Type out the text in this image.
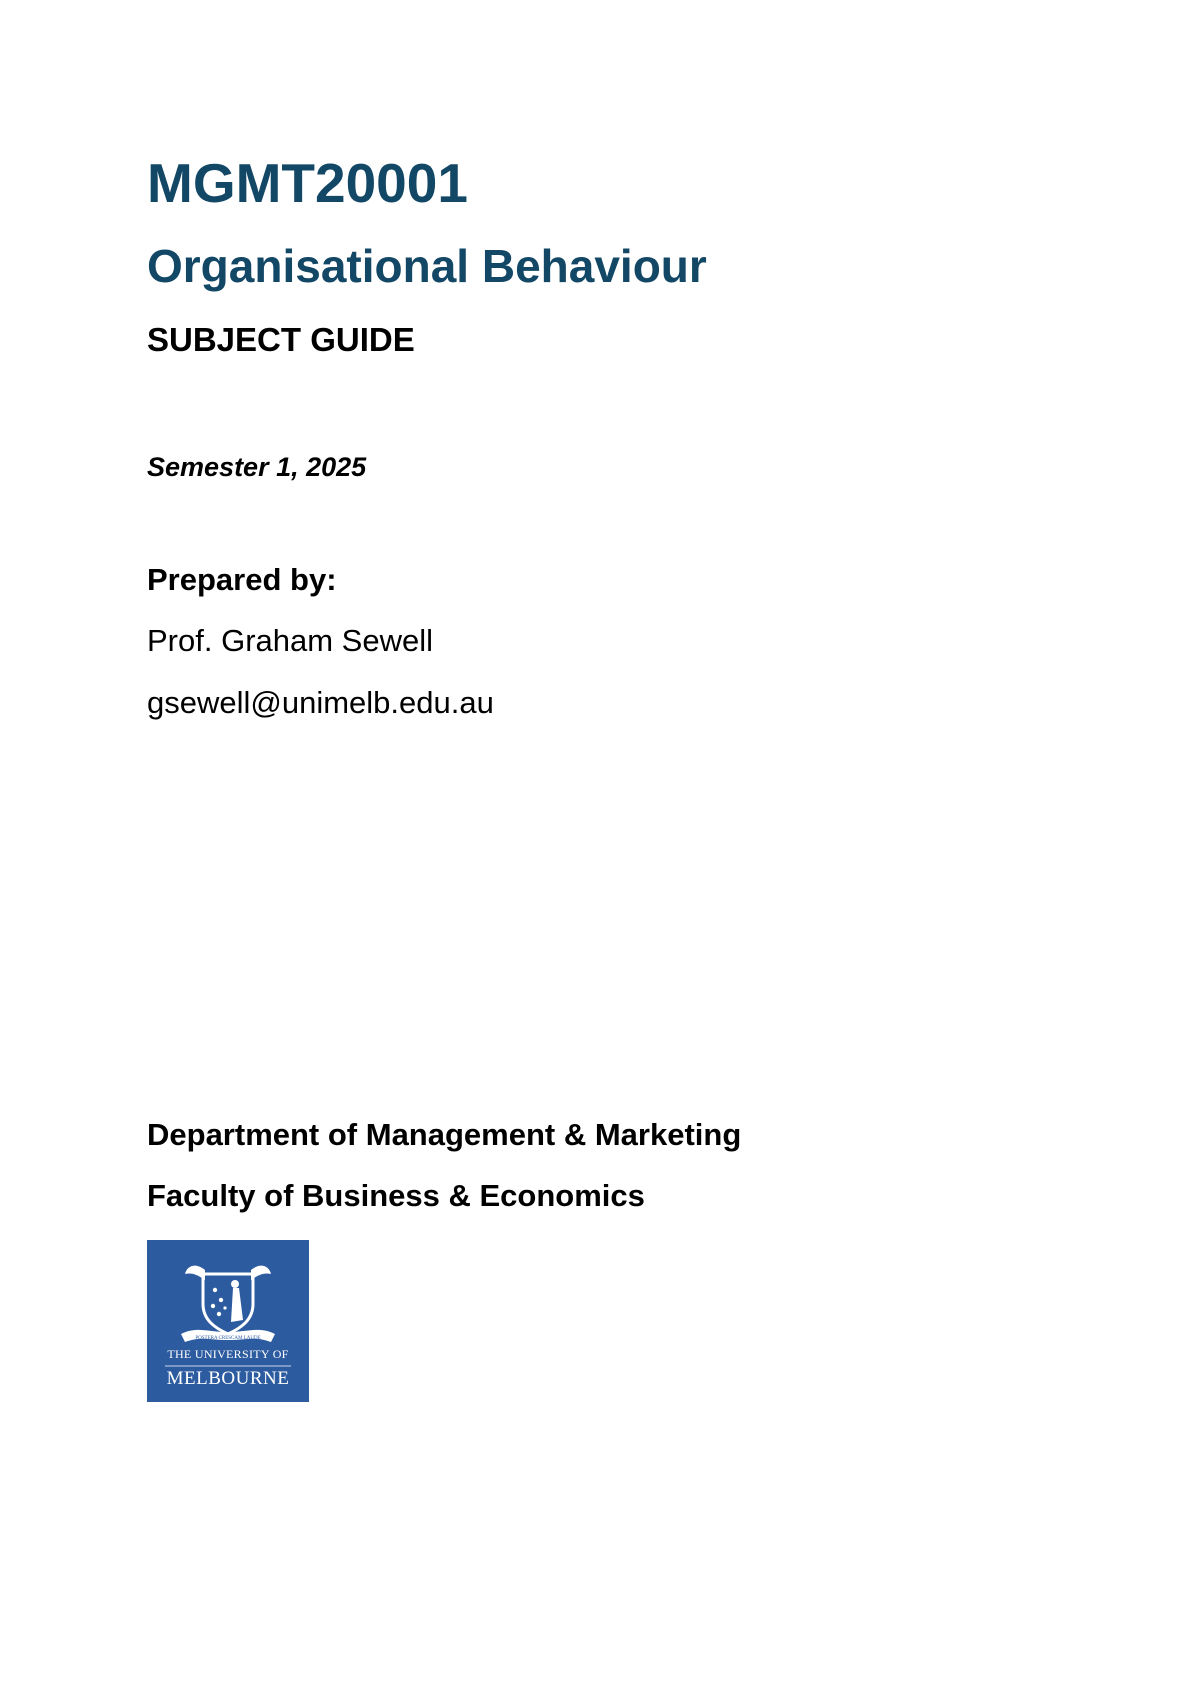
MGMT20001
Organisational Behaviour
SUBJECT GUIDE
Semester 1, 2025
Prepared by:
Prof. Graham Sewell
gsewell@unimelb.edu.au
Department of Management & Marketing
Faculty of Business & Economics
POSTERA CRESCAM LAUDE
THE UNIVERSITY OF
MELBOURNE
